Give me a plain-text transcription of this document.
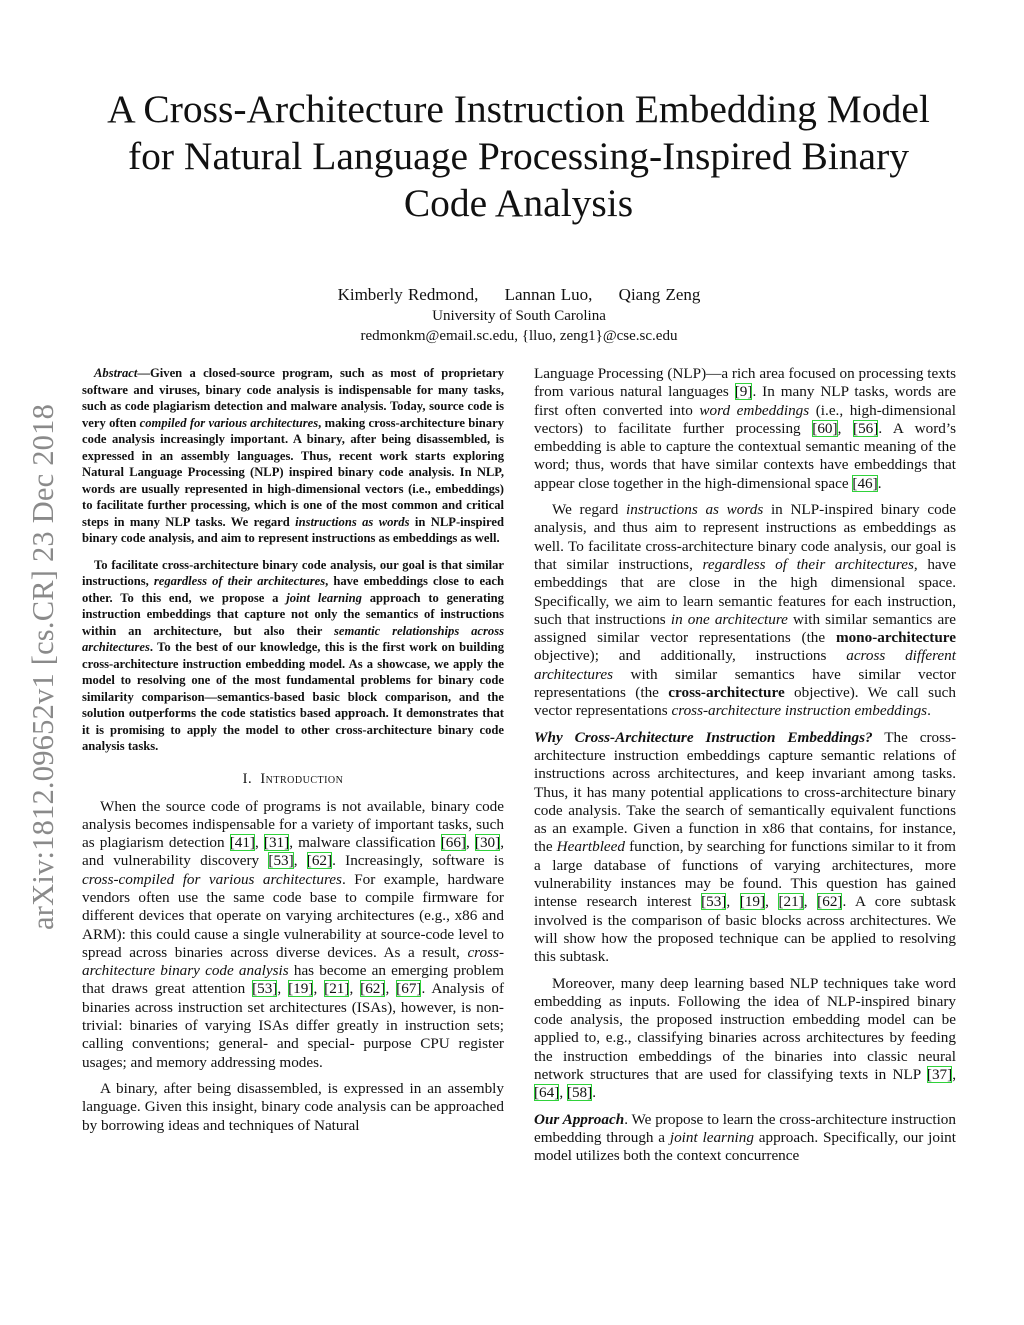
arXiv:1812.09652v1 [cs.CR] 23 Dec 2018
A Cross-Architecture Instruction Embedding Model
for Natural Language Processing-Inspired Binary
Code Analysis
Kimberly Redmond,     Lannan Luo,     Qiang Zeng
University of South Carolina
redmonkm@email.sc.edu, {lluo, zeng1}@cse.sc.edu

Abstract—Given a closed-source program, such as most of proprietary software and viruses, binary code analysis is indispensable for many tasks, such as code plagiarism detection and malware analysis. Today, source code is very often compiled for various architectures, making cross-architecture binary code analysis increasingly important. A binary, after being disassembled, is expressed in an assembly languages. Thus, recent work starts exploring Natural Language Processing (NLP) inspired binary code analysis. In NLP, words are usually represented in high-dimensional vectors (i.e., embeddings) to facilitate further processing, which is one of the most common and critical steps in many NLP tasks. We regard instructions as words in NLP-inspired binary code analysis, and aim to represent instructions as embeddings as well.

To facilitate cross-architecture binary code analysis, our goal is that similar instructions, regardless of their architectures, have embeddings close to each other. To this end, we propose a joint learning approach to generating instruction embeddings that capture not only the semantics of instructions within an architecture, but also their semantic relationships across architectures. To the best of our knowledge, this is the first work on building cross-architecture instruction embedding model. As a showcase, we apply the model to resolving one of the most fundamental problems for binary code similarity comparison—semantics-based basic block comparison, and the solution outperforms the code statistics based approach. It demonstrates that it is promising to apply the model to other cross-architecture binary code analysis tasks.

I. Introduction

When the source code of programs is not available, binary code analysis becomes indispensable for a variety of important tasks, such as plagiarism detection [41], [31], malware classification [66], [30], and vulnerability discovery [53], [62]. Increasingly, software is cross-compiled for various architectures. For example, hardware vendors often use the same code base to compile firmware for different devices that operate on varying architectures (e.g., x86 and ARM): this could cause a single vulnerability at source-code level to spread across binaries across diverse devices. As a result, cross-architecture binary code analysis has become an emerging problem that draws great attention [53], [19], [21], [62], [67]. Analysis of binaries across instruction set architectures (ISAs), however, is non-trivial: binaries of varying ISAs differ greatly in instruction sets; calling conventions; general- and special- purpose CPU register usages; and memory addressing modes.

A binary, after being disassembled, is expressed in an assembly language. Given this insight, binary code analysis can be approached by borrowing ideas and techniques of Natural

Language Processing (NLP)—a rich area focused on processing texts from various natural languages [9]. In many NLP tasks, words are first often converted into word embeddings (i.e., high-dimensional vectors) to facilitate further processing [60], [56]. A word’s embedding is able to capture the contextual semantic meaning of the word; thus, words that have similar contexts have embeddings that appear close together in the high-dimensional space [46].

We regard instructions as words in NLP-inspired binary code analysis, and thus aim to represent instructions as embeddings as well. To facilitate cross-architecture binary code analysis, our goal is that similar instructions, regardless of their architectures, have embeddings that are close in the high dimensional space. Specifically, we aim to learn semantic features for each instruction, such that instructions in one architecture with similar semantics are assigned similar vector representations (the mono-architecture objective); and additionally, instructions across different architectures with similar semantics have similar vector representations (the cross-architecture objective). We call such vector representations cross-architecture instruction embeddings.

Why Cross-Architecture Instruction Embeddings? The cross-architecture instruction embeddings capture semantic relations of instructions across architectures, and keep invariant among tasks. Thus, it has many potential applications to cross-architecture binary code analysis. Take the search of semantically equivalent functions as an example. Given a function in x86 that contains, for instance, the Heartbleed function, by searching for functions similar to it from a large database of functions of varying architectures, more vulnerability instances may be found. This question has gained intense research interest [53], [19], [21], [62]. A core subtask involved is the comparison of basic blocks across architectures. We will show how the proposed technique can be applied to resolving this subtask.

Moreover, many deep learning based NLP techniques take word embedding as inputs. Following the idea of NLP-inspired binary code analysis, the proposed instruction embedding model can be applied to, e.g., classifying binaries across architectures by feeding the instruction embeddings of the binaries into classic neural network structures that are used for classifying texts in NLP [37], [64], [58].

Our Approach. We propose to learn the cross-architecture instruction embedding through a joint learning approach. Specifically, our joint model utilizes both the context concurrence
